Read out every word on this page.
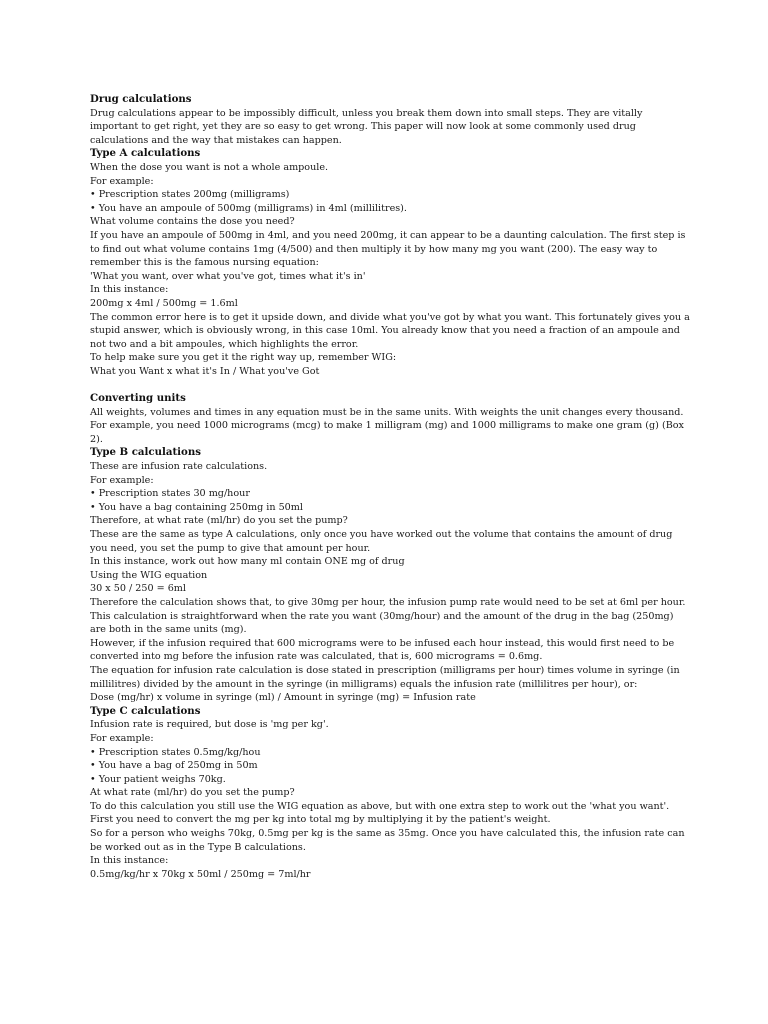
Drug calculations

Drug calculations appear to be impossibly difficult, unless you break them down into small steps. They are vitally important to get right, yet they are so easy to get wrong. This paper will now look at some commonly used drug calculations and the way that mistakes can happen.

Type A calculations

When the dose you want is not a whole ampoule.

For example:

• Prescription states 200mg (milligrams)

• You have an ampoule of 500mg (milligrams) in 4ml (millilitres).

What volume contains the dose you need?

If you have an ampoule of 500mg in 4ml, and you need 200mg, it can appear to be a daunting calculation. The first step is to find out what volume contains 1mg (4/500) and then multiply it by how many mg you want (200). The easy way to remember this is the famous nursing equation:

'What you want, over what you've got, times what it's in'

In this instance:

200mg x 4ml / 500mg = 1.6ml

The common error here is to get it upside down, and divide what you've got by what you want. This fortunately gives you a stupid answer, which is obviously wrong, in this case 10ml. You already know that you need a fraction of an ampoule and not two and a bit ampoules, which highlights the error.

To help make sure you get it the right way up, remember WIG:

What you Want x what it's In / What you've Got

Converting units

All weights, volumes and times in any equation must be in the same units. With weights the unit changes every thousand. For example, you need 1000 micrograms (mcg) to make 1 milligram (mg) and 1000 milligrams to make one gram (g) (Box 2).

Type B calculations

These are infusion rate calculations.

For example:

• Prescription states 30 mg/hour

• You have a bag containing 250mg in 50ml

Therefore, at what rate (ml/hr) do you set the pump?

These are the same as type A calculations, only once you have worked out the volume that contains the amount of drug you need, you set the pump to give that amount per hour.

In this instance, work out how many ml contain ONE mg of drug

Using the WIG equation

30 x 50 / 250 = 6ml

Therefore the calculation shows that, to give 30mg per hour, the infusion pump rate would need to be set at 6ml per hour.

This calculation is straightforward when the rate you want (30mg/hour) and the amount of the drug in the bag (250mg) are both in the same units (mg).

However, if the infusion required that 600 micrograms were to be infused each hour instead, this would first need to be converted into mg before the infusion rate was calculated, that is, 600 micrograms = 0.6mg.

The equation for infusion rate calculation is dose stated in prescription (milligrams per hour) times volume in syringe (in millilitres) divided by the amount in the syringe (in milligrams) equals the infusion rate (millilitres per hour), or:

Dose (mg/hr) x volume in syringe (ml) / Amount in syringe (mg) = Infusion rate

Type C calculations

Infusion rate is required, but dose is 'mg per kg'.

For example:

• Prescription states 0.5mg/kg/hou

• You have a bag of 250mg in 50m

• Your patient weighs 70kg.

At what rate (ml/hr) do you set the pump?

To do this calculation you still use the WIG equation as above, but with one extra step to work out the 'what you want'.

First you need to convert the mg per kg into total mg by multiplying it by the patient's weight.

So for a person who weighs 70kg, 0.5mg per kg is the same as 35mg. Once you have calculated this, the infusion rate can be worked out as in the Type B calculations.

In this instance:

0.5mg/kg/hr x 70kg x 50ml / 250mg = 7ml/hr
